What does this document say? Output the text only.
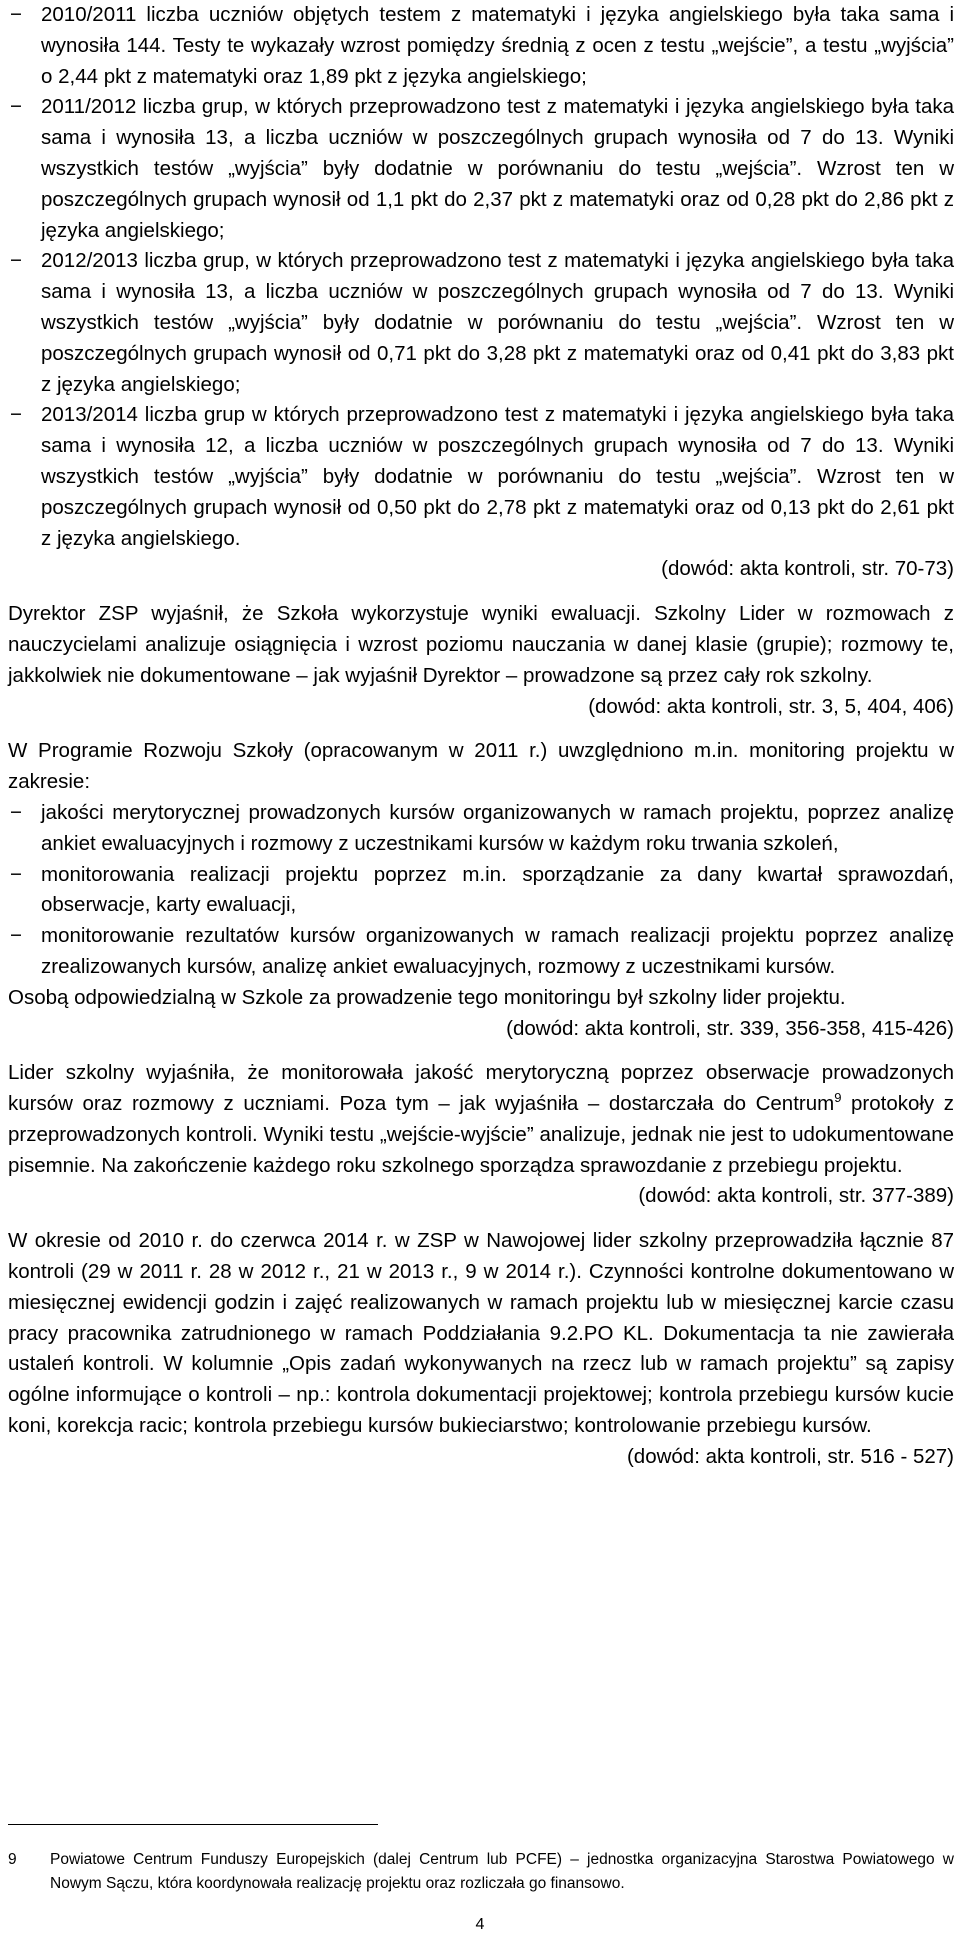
− 2010/2011 liczba uczniów objętych testem z matematyki i języka angielskiego była taka sama i wynosiła 144. Testy te wykazały wzrost pomiędzy średnią z ocen z testu „wejście”, a testu „wyjścia” o 2,44 pkt z matematyki oraz 1,89 pkt z języka angielskiego;
− 2011/2012 liczba grup, w których przeprowadzono test z matematyki i języka angielskiego była taka sama i wynosiła 13, a liczba uczniów w poszczególnych grupach wynosiła od 7 do 13. Wyniki wszystkich testów „wyjścia” były dodatnie w porównaniu do testu „wejścia”. Wzrost ten w poszczególnych grupach wynosił od 1,1 pkt do 2,37 pkt z matematyki oraz od 0,28 pkt do 2,86 pkt z języka angielskiego;
− 2012/2013 liczba grup, w których przeprowadzono test z matematyki i języka angielskiego była taka sama i wynosiła 13, a liczba uczniów w poszczególnych grupach wynosiła od 7 do 13. Wyniki wszystkich testów „wyjścia” były dodatnie w porównaniu do testu „wejścia”. Wzrost ten w poszczególnych grupach wynosił od 0,71 pkt do 3,28 pkt z matematyki oraz od 0,41 pkt do 3,83 pkt z języka angielskiego;
− 2013/2014 liczba grup w których przeprowadzono test z matematyki i języka angielskiego była taka sama i wynosiła 12, a liczba uczniów w poszczególnych grupach wynosiła od 7 do 13. Wyniki wszystkich testów „wyjścia” były dodatnie w porównaniu do testu „wejścia”. Wzrost ten w poszczególnych grupach wynosił od 0,50 pkt do 2,78 pkt z matematyki oraz od 0,13 pkt do 2,61 pkt z języka angielskiego.
(dowód: akta kontroli, str. 70-73)
Dyrektor ZSP wyjaśnił, że Szkoła wykorzystuje wyniki ewaluacji. Szkolny Lider w rozmowach z nauczycielami analizuje osiągnięcia i wzrost poziomu nauczania w danej klasie (grupie); rozmowy te, jakkolwiek nie dokumentowane – jak wyjaśnił Dyrektor – prowadzone są przez cały rok szkolny.
(dowód: akta kontroli, str. 3, 5, 404, 406)
W Programie Rozwoju Szkoły (opracowanym w 2011 r.) uwzględniono m.in. monitoring projektu w zakresie:
− jakości merytorycznej prowadzonych kursów organizowanych w ramach projektu, poprzez analizę ankiet ewaluacyjnych i rozmowy z uczestnikami kursów w każdym roku trwania szkoleń,
− monitorowania realizacji projektu poprzez m.in. sporządzanie za dany kwartał sprawozdań, obserwacje, karty ewaluacji,
− monitorowanie rezultatów kursów organizowanych w ramach realizacji projektu poprzez analizę zrealizowanych kursów, analizę ankiet ewaluacyjnych, rozmowy z uczestnikami kursów.
Osobą odpowiedzialną w Szkole za prowadzenie tego monitoringu był szkolny lider projektu.
(dowód: akta kontroli, str. 339, 356-358, 415-426)
Lider szkolny wyjaśniła, że monitorowała jakość merytoryczną poprzez obserwacje prowadzonych kursów oraz rozmowy z uczniami. Poza tym – jak wyjaśniła – dostarczała do Centrum$^9$ protokoły z przeprowadzonych kontroli. Wyniki testu „wejście-wyjście” analizuje, jednak nie jest to udokumentowane pisemnie. Na zakończenie każdego roku szkolnego sporządza sprawozdanie z przebiegu projektu.
(dowód: akta kontroli, str. 377-389)
W okresie od 2010 r. do czerwca 2014 r. w ZSP w Nawojowej lider szkolny przeprowadziła łącznie 87 kontroli (29 w 2011 r. 28 w 2012 r., 21 w 2013 r., 9 w 2014 r.). Czynności kontrolne dokumentowano w miesięcznej ewidencji godzin i zajęć realizowanych w ramach projektu lub w miesięcznej karcie czasu pracy pracownika zatrudnionego w ramach Poddziałania 9.2.PO KL. Dokumentacja ta nie zawierała ustaleń kontroli. W kolumnie „Opis zadań wykonywanych na rzecz lub w ramach projektu” są zapisy ogólne informujące o kontroli – np.: kontrola dokumentacji projektowej; kontrola przebiegu kursów kucie koni, korekcja racic; kontrola przebiegu kursów bukieciarstwo; kontrolowanie przebiegu kursów.
(dowód: akta kontroli, str. 516 - 527)
9	Powiatowe Centrum Funduszy Europejskich (dalej Centrum lub PCFE) – jednostka organizacyjna Starostwa Powiatowego w Nowym Sączu, która koordynowała realizację projektu oraz rozliczała go finansowo.
4
